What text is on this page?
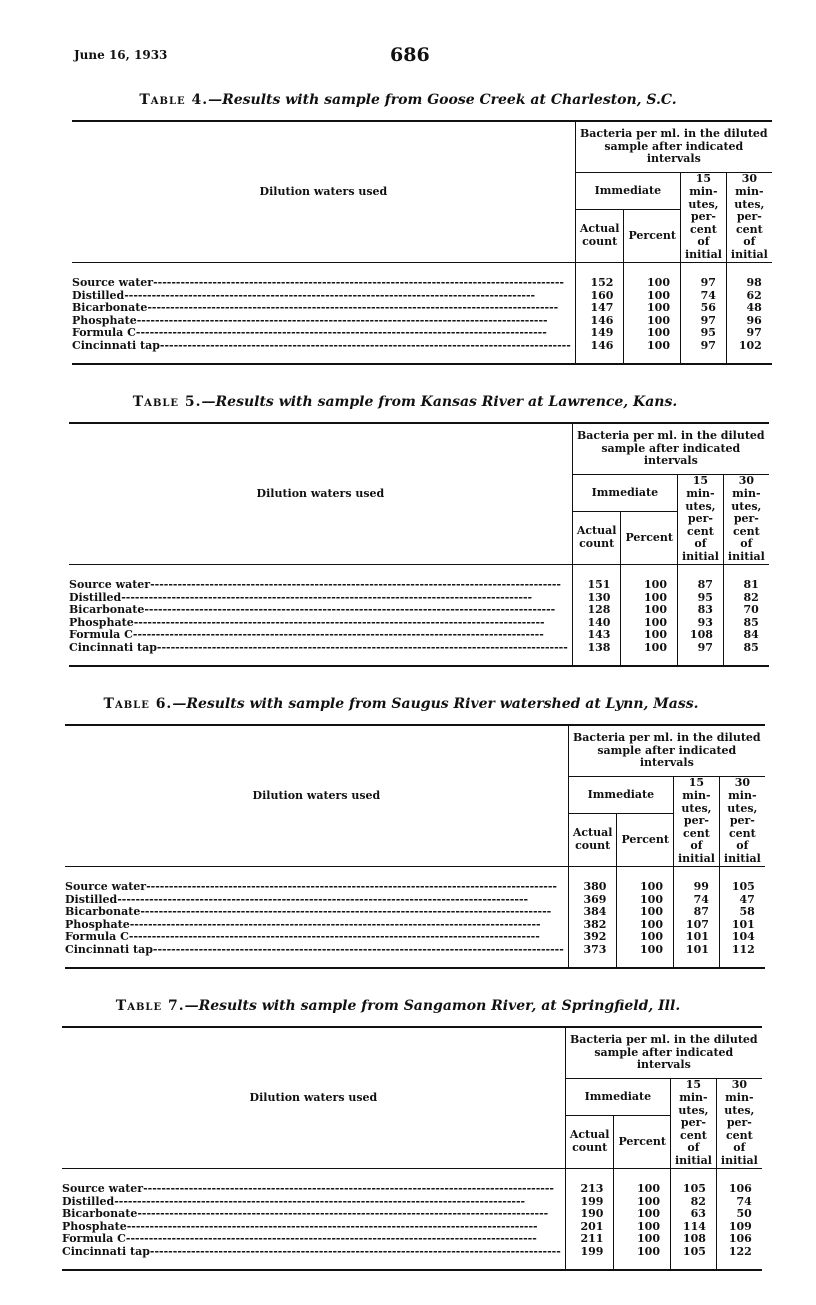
June 16, 1933	686
Table 4.—Results with sample from Goose Creek at Charleston, S.C.
Dilution waters used	Bacteria per ml. in the diluted sample after indicated intervals			
	Immediate		15 min-utes, per-cent of initial	30 min-utes, per-cent of initial
	Actual count	Percent		
Source water------------------------------------------------------------------------------------------	152	100	97	98
Distilled------------------------------------------------------------------------------------------	160	100	74	62
Bicarbonate------------------------------------------------------------------------------------------	147	100	56	48
Phosphate------------------------------------------------------------------------------------------	146	100	97	96
Formula C------------------------------------------------------------------------------------------	149	100	95	97
Cincinnati tap------------------------------------------------------------------------------------------	146	100	97	102
Table 5.—Results with sample from Kansas River at Lawrence, Kans.
Dilution waters used	Bacteria per ml. in the diluted sample after indicated intervals			
	Immediate		15 min-utes, per-cent of initial	30 min-utes, per-cent of initial
	Actual count	Percent		
Source water------------------------------------------------------------------------------------------	151	100	87	81
Distilled------------------------------------------------------------------------------------------	130	100	95	82
Bicarbonate------------------------------------------------------------------------------------------	128	100	83	70
Phosphate------------------------------------------------------------------------------------------	140	100	93	85
Formula C------------------------------------------------------------------------------------------	143	100	108	84
Cincinnati tap------------------------------------------------------------------------------------------	138	100	97	85
Table 6.—Results with sample from Saugus River watershed at Lynn, Mass.
Dilution waters used	Bacteria per ml. in the diluted sample after indicated intervals			
	Immediate		15 min-utes, per-cent of initial	30 min-utes, per-cent of initial
	Actual count	Percent		
Source water------------------------------------------------------------------------------------------	380	100	99	105
Distilled------------------------------------------------------------------------------------------	369	100	74	47
Bicarbonate------------------------------------------------------------------------------------------	384	100	87	58
Phosphate------------------------------------------------------------------------------------------	382	100	107	101
Formula C------------------------------------------------------------------------------------------	392	100	101	104
Cincinnati tap------------------------------------------------------------------------------------------	373	100	101	112
Table 7.—Results with sample from Sangamon River, at Springfield, Ill.
Dilution waters used	Bacteria per ml. in the diluted sample after indicated intervals			
	Immediate		15 min-utes, per-cent of initial	30 min-utes, per-cent of initial
	Actual count	Percent		
Source water------------------------------------------------------------------------------------------	213	100	105	106
Distilled------------------------------------------------------------------------------------------	199	100	82	74
Bicarbonate------------------------------------------------------------------------------------------	190	100	63	50
Phosphate------------------------------------------------------------------------------------------	201	100	114	109
Formula C------------------------------------------------------------------------------------------	211	100	108	106
Cincinnati tap------------------------------------------------------------------------------------------	199	100	105	122
